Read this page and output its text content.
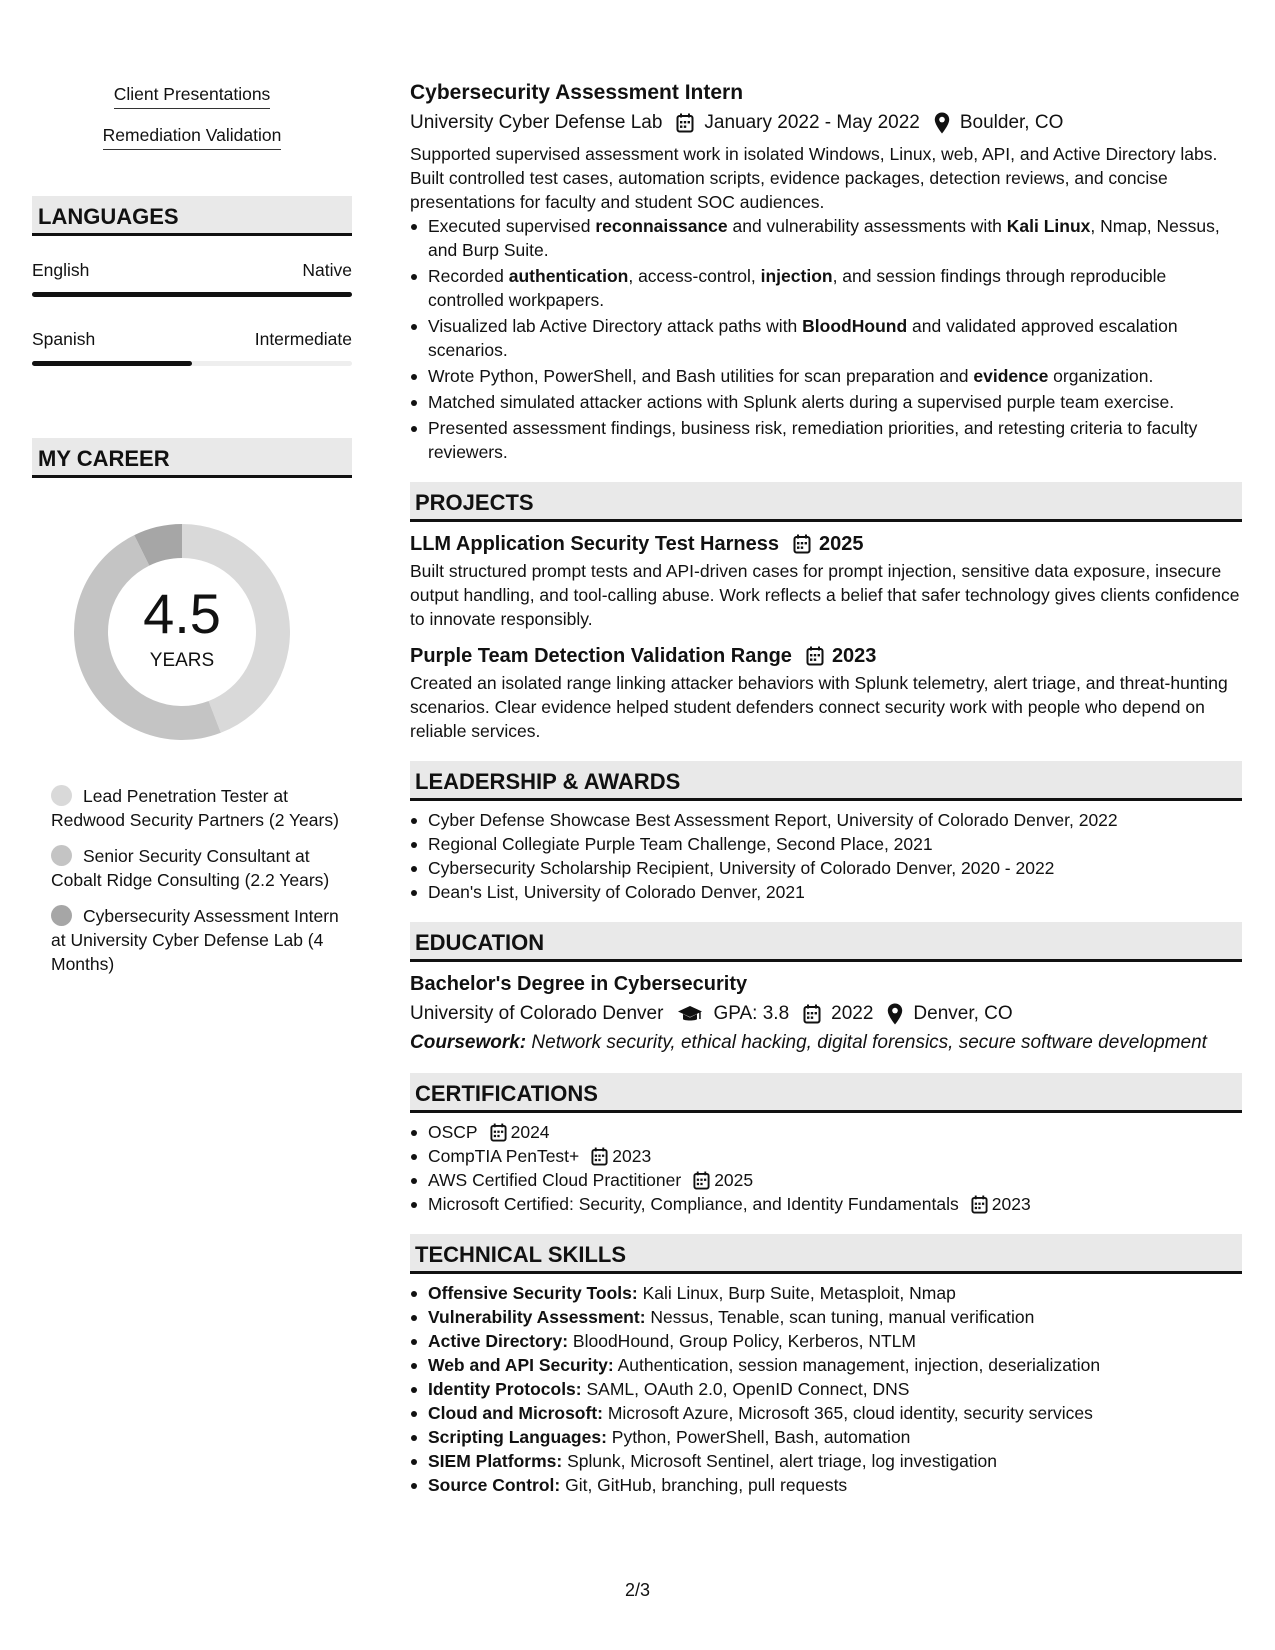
Client Presentations
Remediation Validation
LANGUAGES
English	Native
Spanish	Intermediate
MY CAREER
4.5
YEARS
Lead Penetration Tester at Redwood Security Partners (2 Years)
Senior Security Consultant at Cobalt Ridge Consulting (2.2 Years)
Cybersecurity Assessment Intern at University Cyber Defense Lab (4 Months)
Cybersecurity Assessment Intern
University Cyber Defense Lab January 2022 - May 2022 Boulder, CO
Supported supervised assessment work in isolated Windows, Linux, web, API, and Active Directory labs. Built controlled test cases, automation scripts, evidence packages, detection reviews, and concise presentations for faculty and student SOC audiences.
Executed supervised reconnaissance and vulnerability assessments with Kali Linux, Nmap, Nessus, and Burp Suite.
Recorded authentication, access-control, injection, and session findings through reproducible controlled workpapers.
Visualized lab Active Directory attack paths with BloodHound and validated approved escalation scenarios.
Wrote Python, PowerShell, and Bash utilities for scan preparation and evidence organization.
Matched simulated attacker actions with Splunk alerts during a supervised purple team exercise.
Presented assessment findings, business risk, remediation priorities, and retesting criteria to faculty reviewers.
PROJECTS
LLM Application Security Test Harness 2025
Built structured prompt tests and API-driven cases for prompt injection, sensitive data exposure, insecure output handling, and tool-calling abuse. Work reflects a belief that safer technology gives clients confidence to innovate responsibly.
Purple Team Detection Validation Range 2023
Created an isolated range linking attacker behaviors with Splunk telemetry, alert triage, and threat-hunting scenarios. Clear evidence helped student defenders connect security work with people who depend on reliable services.
LEADERSHIP & AWARDS
Cyber Defense Showcase Best Assessment Report, University of Colorado Denver, 2022
Regional Collegiate Purple Team Challenge, Second Place, 2021
Cybersecurity Scholarship Recipient, University of Colorado Denver, 2020 - 2022
Dean's List, University of Colorado Denver, 2021
EDUCATION
Bachelor's Degree in Cybersecurity
University of Colorado Denver	GPA: 3.8 2022 Denver, CO
Coursework: Network security, ethical hacking, digital forensics, secure software development
CERTIFICATIONS
OSCP 2024
CompTIA PenTest+ 2023
AWS Certified Cloud Practitioner 2025
Microsoft Certified: Security, Compliance, and Identity Fundamentals 2023
TECHNICAL SKILLS
Offensive Security Tools: Kali Linux, Burp Suite, Metasploit, Nmap
Vulnerability Assessment: Nessus, Tenable, scan tuning, manual verification
Active Directory: BloodHound, Group Policy, Kerberos, NTLM
Web and API Security: Authentication, session management, injection, deserialization
Identity Protocols: SAML, OAuth 2.0, OpenID Connect, DNS
Cloud and Microsoft: Microsoft Azure, Microsoft 365, cloud identity, security services
Scripting Languages: Python, PowerShell, Bash, automation
SIEM Platforms: Splunk, Microsoft Sentinel, alert triage, log investigation
Source Control: Git, GitHub, branching, pull requests
2/3
